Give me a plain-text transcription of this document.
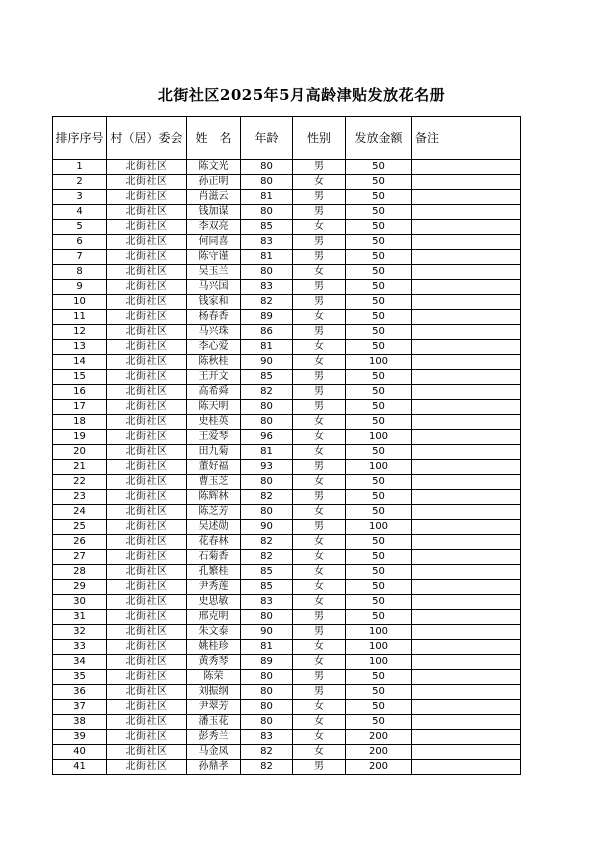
北街社区2025年5月高龄津贴发放花名册
排序序号	村（居）委会	姓　名	年龄	性别	发放金额	备注
1	北街社区	陈文光	80	男	50	
2	北街社区	孙正明	80	女	50	
3	北街社区	肖滋云	81	男	50	
4	北街社区	钱加谋	80	男	50	
5	北街社区	李双亮	85	女	50	
6	北街社区	何同喜	83	男	50	
7	北街社区	陈守谨	81	男	50	
8	北街社区	吴玉兰	80	女	50	
9	北街社区	马兴国	83	男	50	
10	北街社区	钱家和	82	男	50	
11	北街社区	杨春香	89	女	50	
12	北街社区	马兴珠	86	男	50	
13	北街社区	李心爱	81	女	50	
14	北街社区	陈秋桂	90	女	100	
15	北街社区	王开文	85	男	50	
16	北街社区	高希舜	82	男	50	
17	北街社区	陈天明	80	男	50	
18	北街社区	史桂英	80	女	50	
19	北街社区	王爱琴	96	女	100	
20	北街社区	田九菊	81	女	50	
21	北街社区	董好福	93	男	100	
22	北街社区	曹玉芝	80	女	50	
23	北街社区	陈辉林	82	男	50	
24	北街社区	陈芝芳	80	女	50	
25	北街社区	吴述勋	90	男	100	
26	北街社区	花春林	82	女	50	
27	北街社区	石菊香	82	女	50	
28	北街社区	孔繁桂	85	女	50	
29	北街社区	尹秀莲	85	女	50	
30	北街社区	史思敏	83	女	50	
31	北街社区	邢克明	80	男	50	
32	北街社区	朱文泰	90	男	100	
33	北街社区	姚桂珍	81	女	100	
34	北街社区	黄秀琴	89	女	100	
35	北街社区	陈荣	80	男	50	
36	北街社区	刘振纲	80	男	50	
37	北街社区	尹翠芳	80	女	50	
38	北街社区	潘玉花	80	女	50	
39	北街社区	彭秀兰	83	女	200	
40	北街社区	马金凤	82	女	200	
41	北街社区	孙鼎孝	82	男	200	
